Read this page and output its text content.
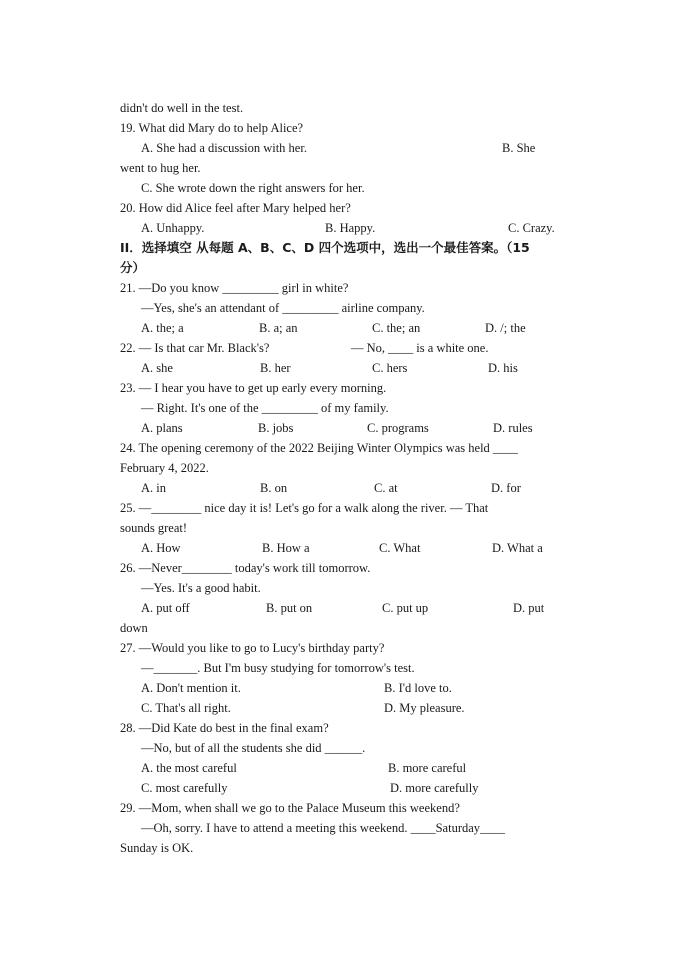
didn't do well in the test.
19. What did Mary do to help Alice?
A. She had a discussion with her.	B. She
went to hug her.
C. She wrote down the right answers for her.
20. How did Alice feel after Mary helped her?
A. Unhappy.	B. Happy.	C. Crazy.
II．选择填空 从每题 A、B、C、D 四个选项中，选出一个最佳答案。（15
分）
21. —Do you know _________ girl in white?
—Yes, she's an attendant of _________ airline company.
A. the; a	B. a; an	C. the; an	D. /; the
22. — Is that car Mr. Black's?	— No, ____ is a white one.
A. she	B. her	C. hers	D. his
23. — I hear you have to get up early every morning.
— Right. It's one of the _________ of my family.
A. plans	B. jobs	C. programs	D. rules
24. The opening ceremony of the 2022 Beijing Winter Olympics was held ____
February 4, 2022.
A. in	B. on	C. at	D. for
25. —________ nice day it is! Let's go for a walk along the river. — That
sounds great!
A. How	B. How a	C. What	D. What a
26. —Never________ today's work till tomorrow.
—Yes. It's a good habit.
A. put off	B. put on	C. put up	D. put
down
27. —Would you like to go to Lucy's birthday party?
—_______. But I'm busy studying for tomorrow's test.
A. Don't mention it.	B. I'd love to.
C. That's all right.	D. My pleasure.
28. —Did Kate do best in the final exam?
—No, but of all the students she did ______.
A. the most careful	B. more careful
C. most carefully	D. more carefully
29. —Mom, when shall we go to the Palace Museum this weekend?
—Oh, sorry. I have to attend a meeting this weekend. ____Saturday____
Sunday is OK.
